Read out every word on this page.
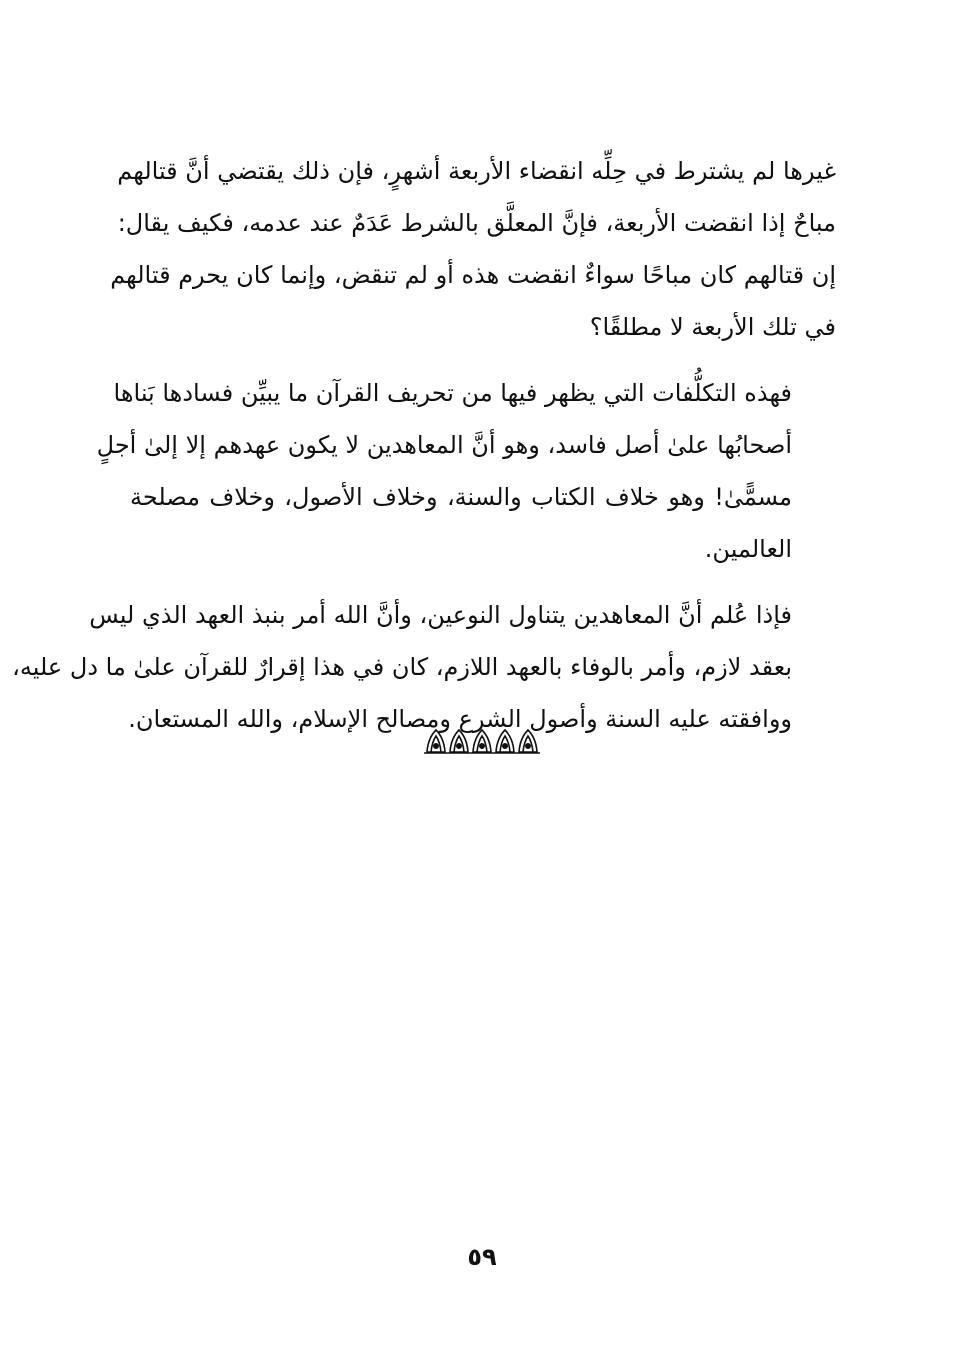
غيرها لم يشترط في حِلِّه انقضاء الأربعة أشهرٍ، فإن ذلك يقتضي أنَّ قتالهم
مباحٌ إذا انقضت الأربعة، فإنَّ المعلَّق بالشرط عَدَمٌ عند عدمه، فكيف يقال:
إن قتالهم كان مباحًا سواءٌ انقضت هذه أو لم تنقض، وإنما كان يحرم قتالهم
في تلك الأربعة لا مطلقًا؟

فهذه التكلُّفات التي يظهر فيها من تحريف القرآن ما يبيِّن فسادها بَناها
أصحابُها علىٰ أصل فاسد، وهو أنَّ المعاهدين لا يكون عهدهم إلا إلىٰ أجلٍ
مسمًّىٰ! وهو خلاف الكتاب والسنة، وخلاف الأصول، وخلاف مصلحة
العالمين.

فإذا عُلم أنَّ المعاهدين يتناول النوعين، وأنَّ الله أمر بنبذ العهد الذي ليس
بعقد لازم، وأمر بالوفاء بالعهد اللازم، كان في هذا إقرارٌ للقرآن علىٰ ما دل عليه،
ووافقته عليه السنة وأصول الشرع ومصالح الإسلام، والله المستعان.

٥٩
